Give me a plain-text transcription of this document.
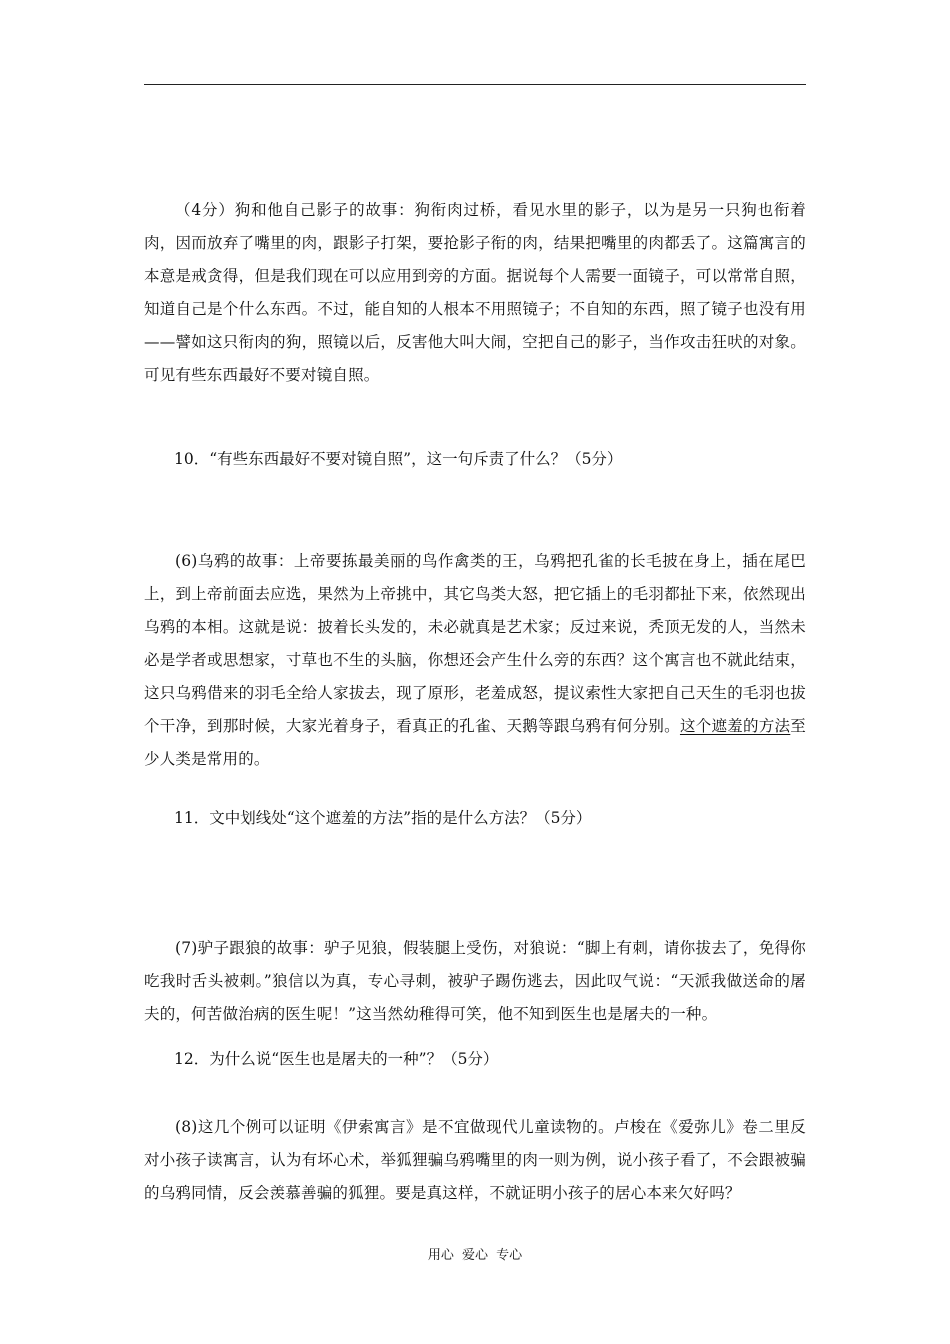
（4分）狗和他自己影子的故事：狗衔肉过桥，看见水里的影子，以为是另一只狗也衔着肉，因而放弃了嘴里的肉，跟影子打架，要抢影子衔的肉，结果把嘴里的肉都丢了。这篇寓言的本意是戒贪得，但是我们现在可以应用到旁的方面。据说每个人需要一面镜子，可以常常自照，知道自己是个什么东西。不过，能自知的人根本不用照镜子；不自知的东西，照了镜子也没有用——譬如这只衔肉的狗，照镜以后，反害他大叫大闹，空把自己的影子，当作攻击狂吠的对象。可见有些东西最好不要对镜自照。

10．“有些东西最好不要对镜自照”，这一句斥责了什么？（5分）

(6)乌鸦的故事：上帝要拣最美丽的鸟作禽类的王，乌鸦把孔雀的长毛披在身上，插在尾巴上，到上帝前面去应选，果然为上帝挑中，其它鸟类大怒，把它插上的毛羽都扯下来，依然现出乌鸦的本相。这就是说：披着长头发的，未必就真是艺术家；反过来说，秃顶无发的人，当然未必是学者或思想家，寸草也不生的头脑，你想还会产生什么旁的东西？这个寓言也不就此结束，这只乌鸦借来的羽毛全给人家拔去，现了原形，老羞成怒，提议索性大家把自己天生的毛羽也拔个干净，到那时候，大家光着身子，看真正的孔雀、天鹅等跟乌鸦有何分别。这个遮羞的方法至少人类是常用的。

11．文中划线处“这个遮羞的方法”指的是什么方法？（5分）

(7)驴子跟狼的故事：驴子见狼，假装腿上受伤，对狼说：“脚上有刺，请你拔去了，免得你吃我时舌头被刺。”狼信以为真，专心寻刺，被驴子踢伤逃去，因此叹气说：“天派我做送命的屠夫的，何苦做治病的医生呢！”这当然幼稚得可笑，他不知到医生也是屠夫的一种。

12．为什么说“医生也是屠夫的一种”？（5分）

(8)这几个例可以证明《伊索寓言》是不宜做现代儿童读物的。卢梭在《爱弥儿》卷二里反对小孩子读寓言，认为有坏心术，举狐狸骗乌鸦嘴里的肉一则为例，说小孩子看了，不会跟被骗的乌鸦同情，反会羡慕善骗的狐狸。要是真这样，不就证明小孩子的居心本来欠好吗？

用心 爱心 专心
